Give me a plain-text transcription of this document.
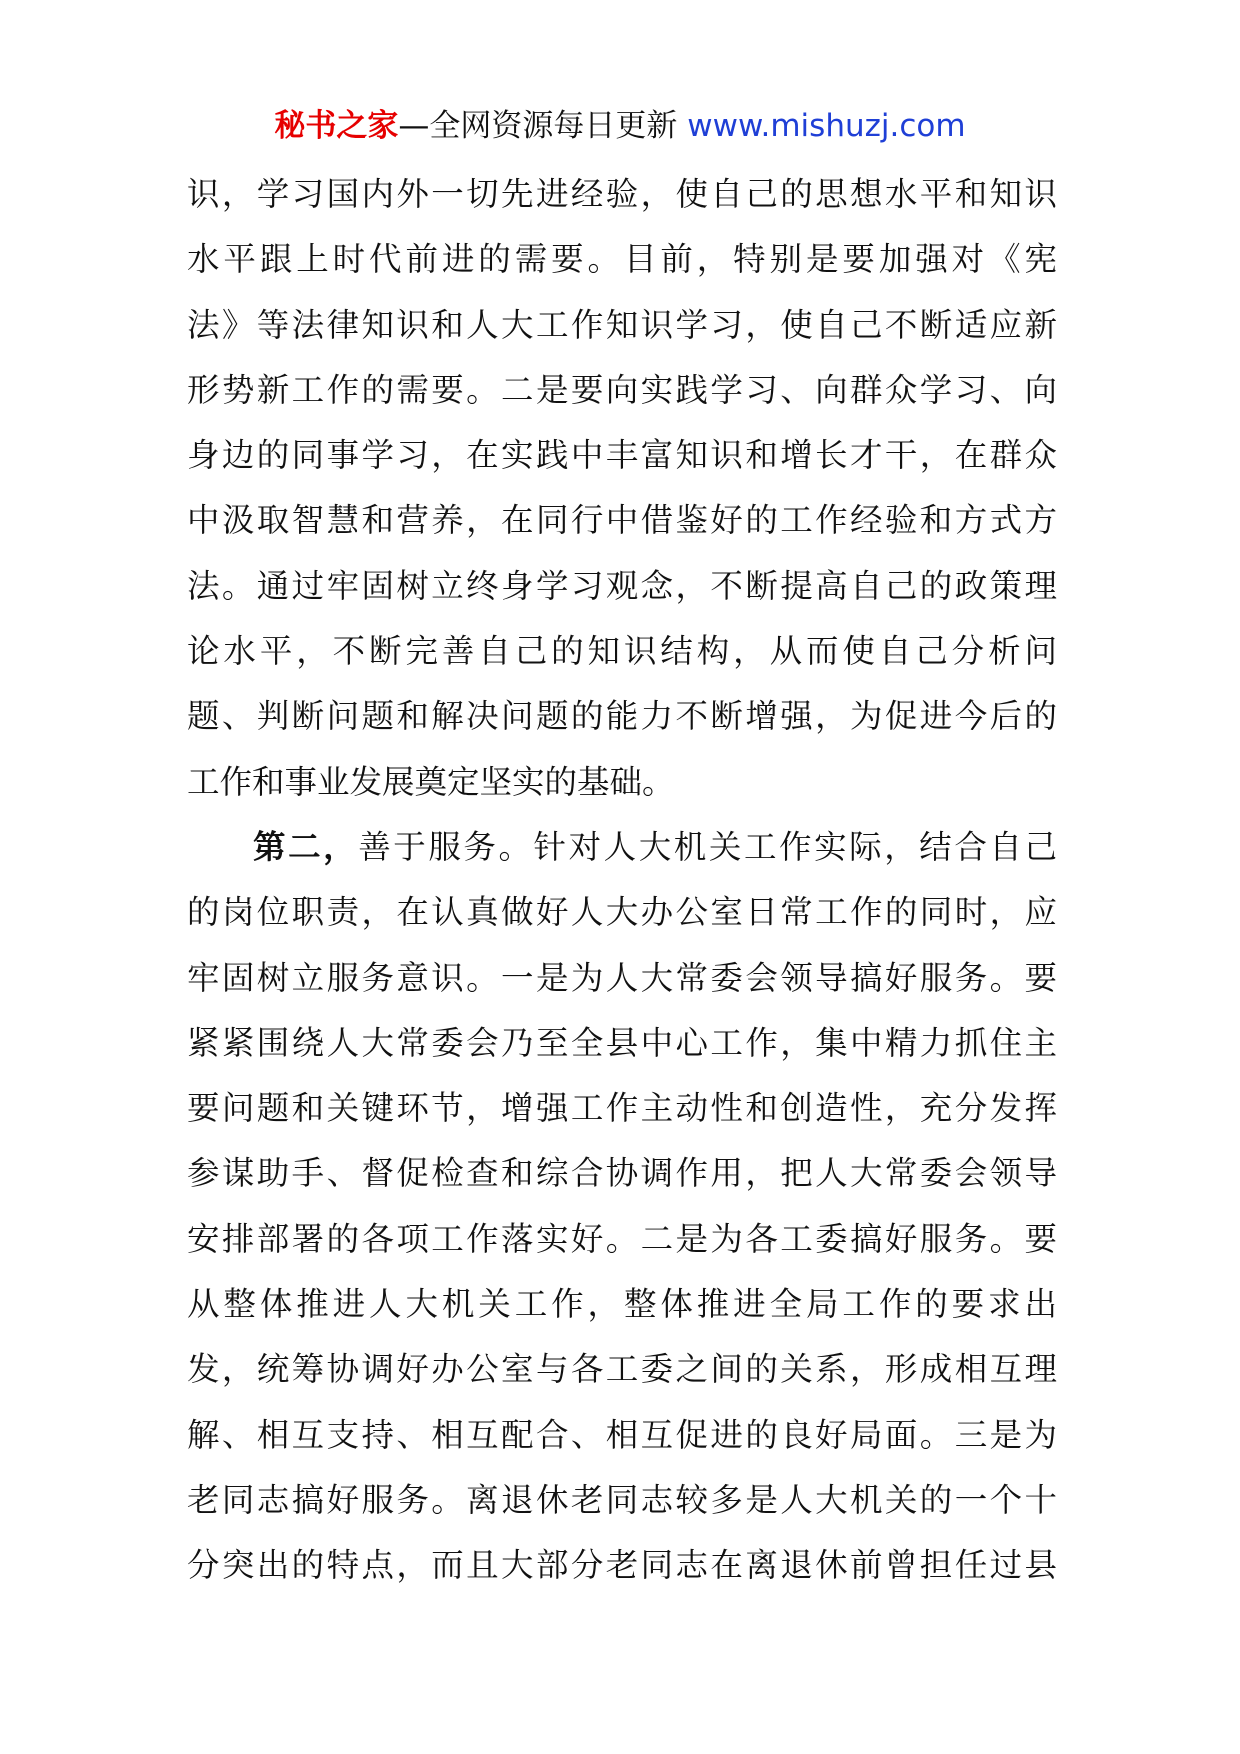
秘书之家—全网资源每日更新 www.mishuzj.com
识，学习国内外一切先进经验，使自己的思想水平和知识
水平跟上时代前进的需要。目前，特别是要加强对《宪
法》等法律知识和人大工作知识学习，使自己不断适应新
形势新工作的需要。二是要向实践学习、向群众学习、向
身边的同事学习，在实践中丰富知识和增长才干，在群众
中汲取智慧和营养，在同行中借鉴好的工作经验和方式方
法。通过牢固树立终身学习观念，不断提高自己的政策理
论水平，不断完善自己的知识结构，从而使自己分析问
题、判断问题和解决问题的能力不断增强，为促进今后的
工作和事业发展奠定坚实的基础。
第二，善于服务。针对人大机关工作实际，结合自己
的岗位职责，在认真做好人大办公室日常工作的同时，应
牢固树立服务意识。一是为人大常委会领导搞好服务。要
紧紧围绕人大常委会乃至全县中心工作，集中精力抓住主
要问题和关键环节，增强工作主动性和创造性，充分发挥
参谋助手、督促检查和综合协调作用，把人大常委会领导
安排部署的各项工作落实好。二是为各工委搞好服务。要
从整体推进人大机关工作，整体推进全局工作的要求出
发，统筹协调好办公室与各工委之间的关系，形成相互理
解、相互支持、相互配合、相互促进的良好局面。三是为
老同志搞好服务。离退休老同志较多是人大机关的一个十
分突出的特点，而且大部分老同志在离退休前曾担任过县
